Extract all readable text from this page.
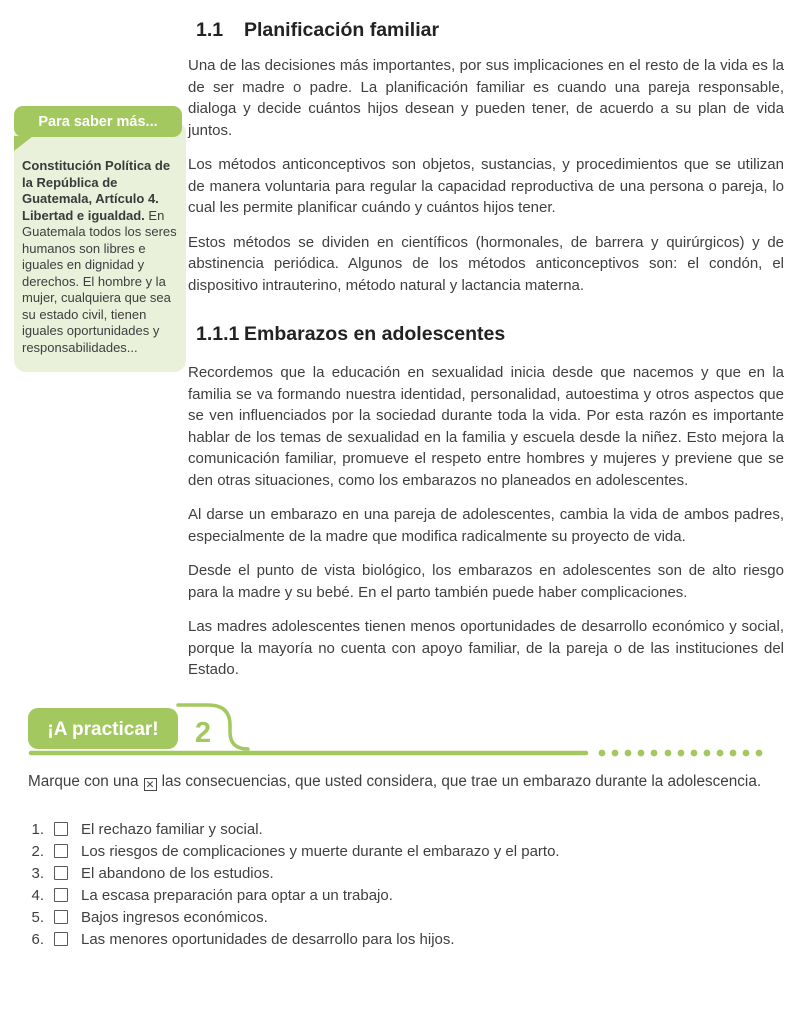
Para saber más...

Constitución Política de la República de Guatemala, Artículo 4. Libertad e igualdad. En Guatemala todos los seres humanos son libres e iguales en dignidad y derechos. El hombre y la mujer, cualquiera que sea su estado civil, tienen iguales oportunidades y responsabilidades...

1.1 Planificación familiar

Una de las decisiones más importantes, por sus implicaciones en el resto de la vida es la de ser madre o padre. La planificación familiar es cuando una pareja responsable, dialoga y decide cuántos hijos desean y pueden tener, de acuerdo a su plan de vida juntos.

Los métodos anticonceptivos son objetos, sustancias, y procedimientos que se utilizan de manera voluntaria para regular la capacidad reproductiva de una persona o pareja, lo cual les permite planificar cuándo y cuántos hijos tener.

Estos métodos se dividen en científicos (hormonales, de barrera y quirúrgicos) y de abstinencia periódica. Algunos de los métodos anticonceptivos son: el condón, el dispositivo intrauterino, método natural y lactancia materna.

1.1.1 Embarazos en adolescentes

Recordemos que la educación en sexualidad inicia desde que nacemos y que en la familia se va formando nuestra identidad, personalidad, autoestima y otros aspectos que se ven influenciados por la sociedad durante toda la vida. Por esta razón es importante hablar de los temas de sexualidad en la familia y escuela desde la niñez. Esto mejora la comunicación familiar, promueve el respeto entre hombres y mujeres y previene que se den otras situaciones, como los embarazos no planeados en adolescentes.

Al darse un embarazo en una pareja de adolescentes, cambia la vida de ambos padres, especialmente de la madre que modifica radicalmente su proyecto de vida.

Desde el punto de vista biológico, los embarazos en adolescentes son de alto riesgo para la madre y su bebé. En el parto también puede haber complicaciones.

Las madres adolescentes tienen menos oportunidades de desarrollo económico y social, porque la mayoría no cuenta con apoyo familiar, de la pareja o de las instituciones del Estado.

¡A practicar! 2

Marque con una ✕ las consecuencias, que usted considera, que trae un embarazo durante la adolescencia.

1. El rechazo familiar y social.
2. Los riesgos de complicaciones y muerte durante el embarazo y el parto.
3. El abandono de los estudios.
4. La escasa preparación para optar a un trabajo.
5. Bajos ingresos económicos.
6. Las menores oportunidades de desarrollo para los hijos.
